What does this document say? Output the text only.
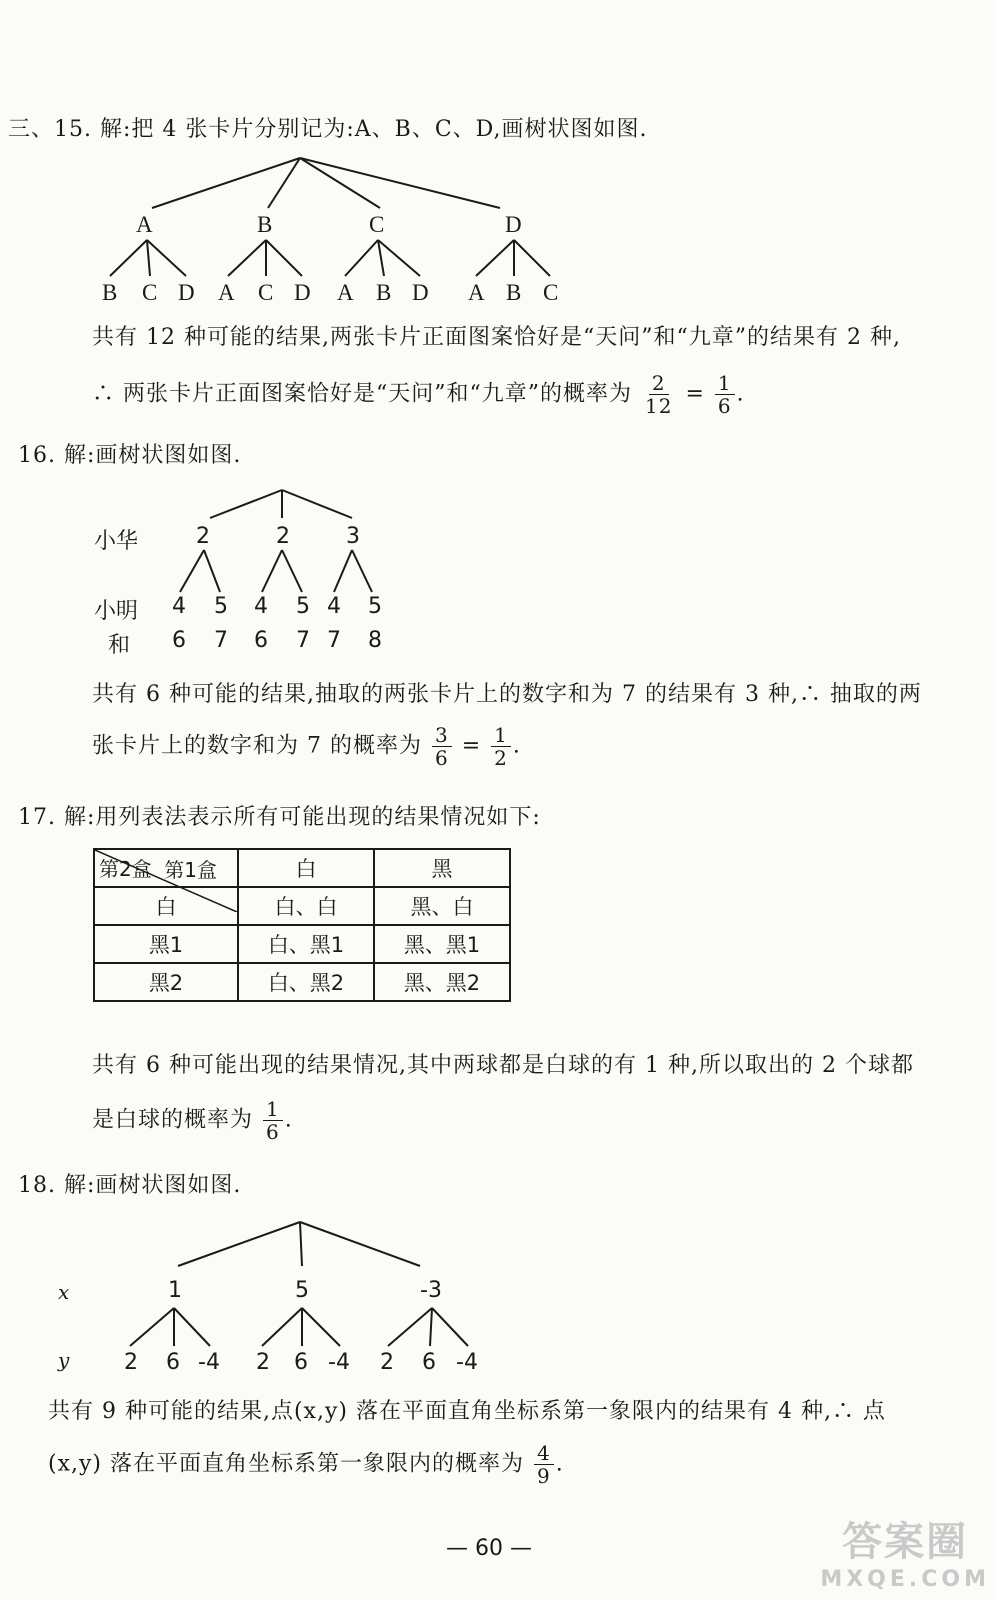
三、15. 解:把 4 张卡片分别记为:A、B、C、D,画树状图如图.
A	B	C	D
B C D A C D A B D A B C
共有 12 种可能的结果,两张卡片正面图案恰好是“天问”和“九章”的结果有 2 种,
∴ 两张卡片正面图案恰好是“天问”和“九章”的概率为 $\frac{2}{12} = \frac{1}{6}$ .
16. 解:画树状图如图.
小华
小明
和
2	2	3
4 5 4 5 4 5
6 7 6 7 7 8
共有 6 种可能的结果,抽取的两张卡片上的数字和为 7 的结果有 3 种,∴ 抽取的两
张卡片上的数字和为 7 的概率为 $\frac{3}{6} = \frac{1}{2}$ .
17. 解:用列表法表示所有可能出现的结果情况如下:
第1盒
第2盒	白	黑
白	白、白	黑、白
黑1	白、黑1	黑、黑1
黑2	白、黑2	黑、黑2
共有 6 种可能出现的结果情况,其中两球都是白球的有 1 种,所以取出的 2 个球都
是白球的概率为 $\frac{1}{6}$ .
18. 解:画树状图如图.
x
y
1	5	-3
2 6 -4 2 6 -4 2 6 -4
共有 9 种可能的结果,点(x,y) 落在平面直角坐标系第一象限内的结果有 4 种,∴ 点
(x,y) 落在平面直角坐标系第一象限内的概率为 $\frac{4}{9}$ .
— 60 —	答案圈
MXQE.COM
